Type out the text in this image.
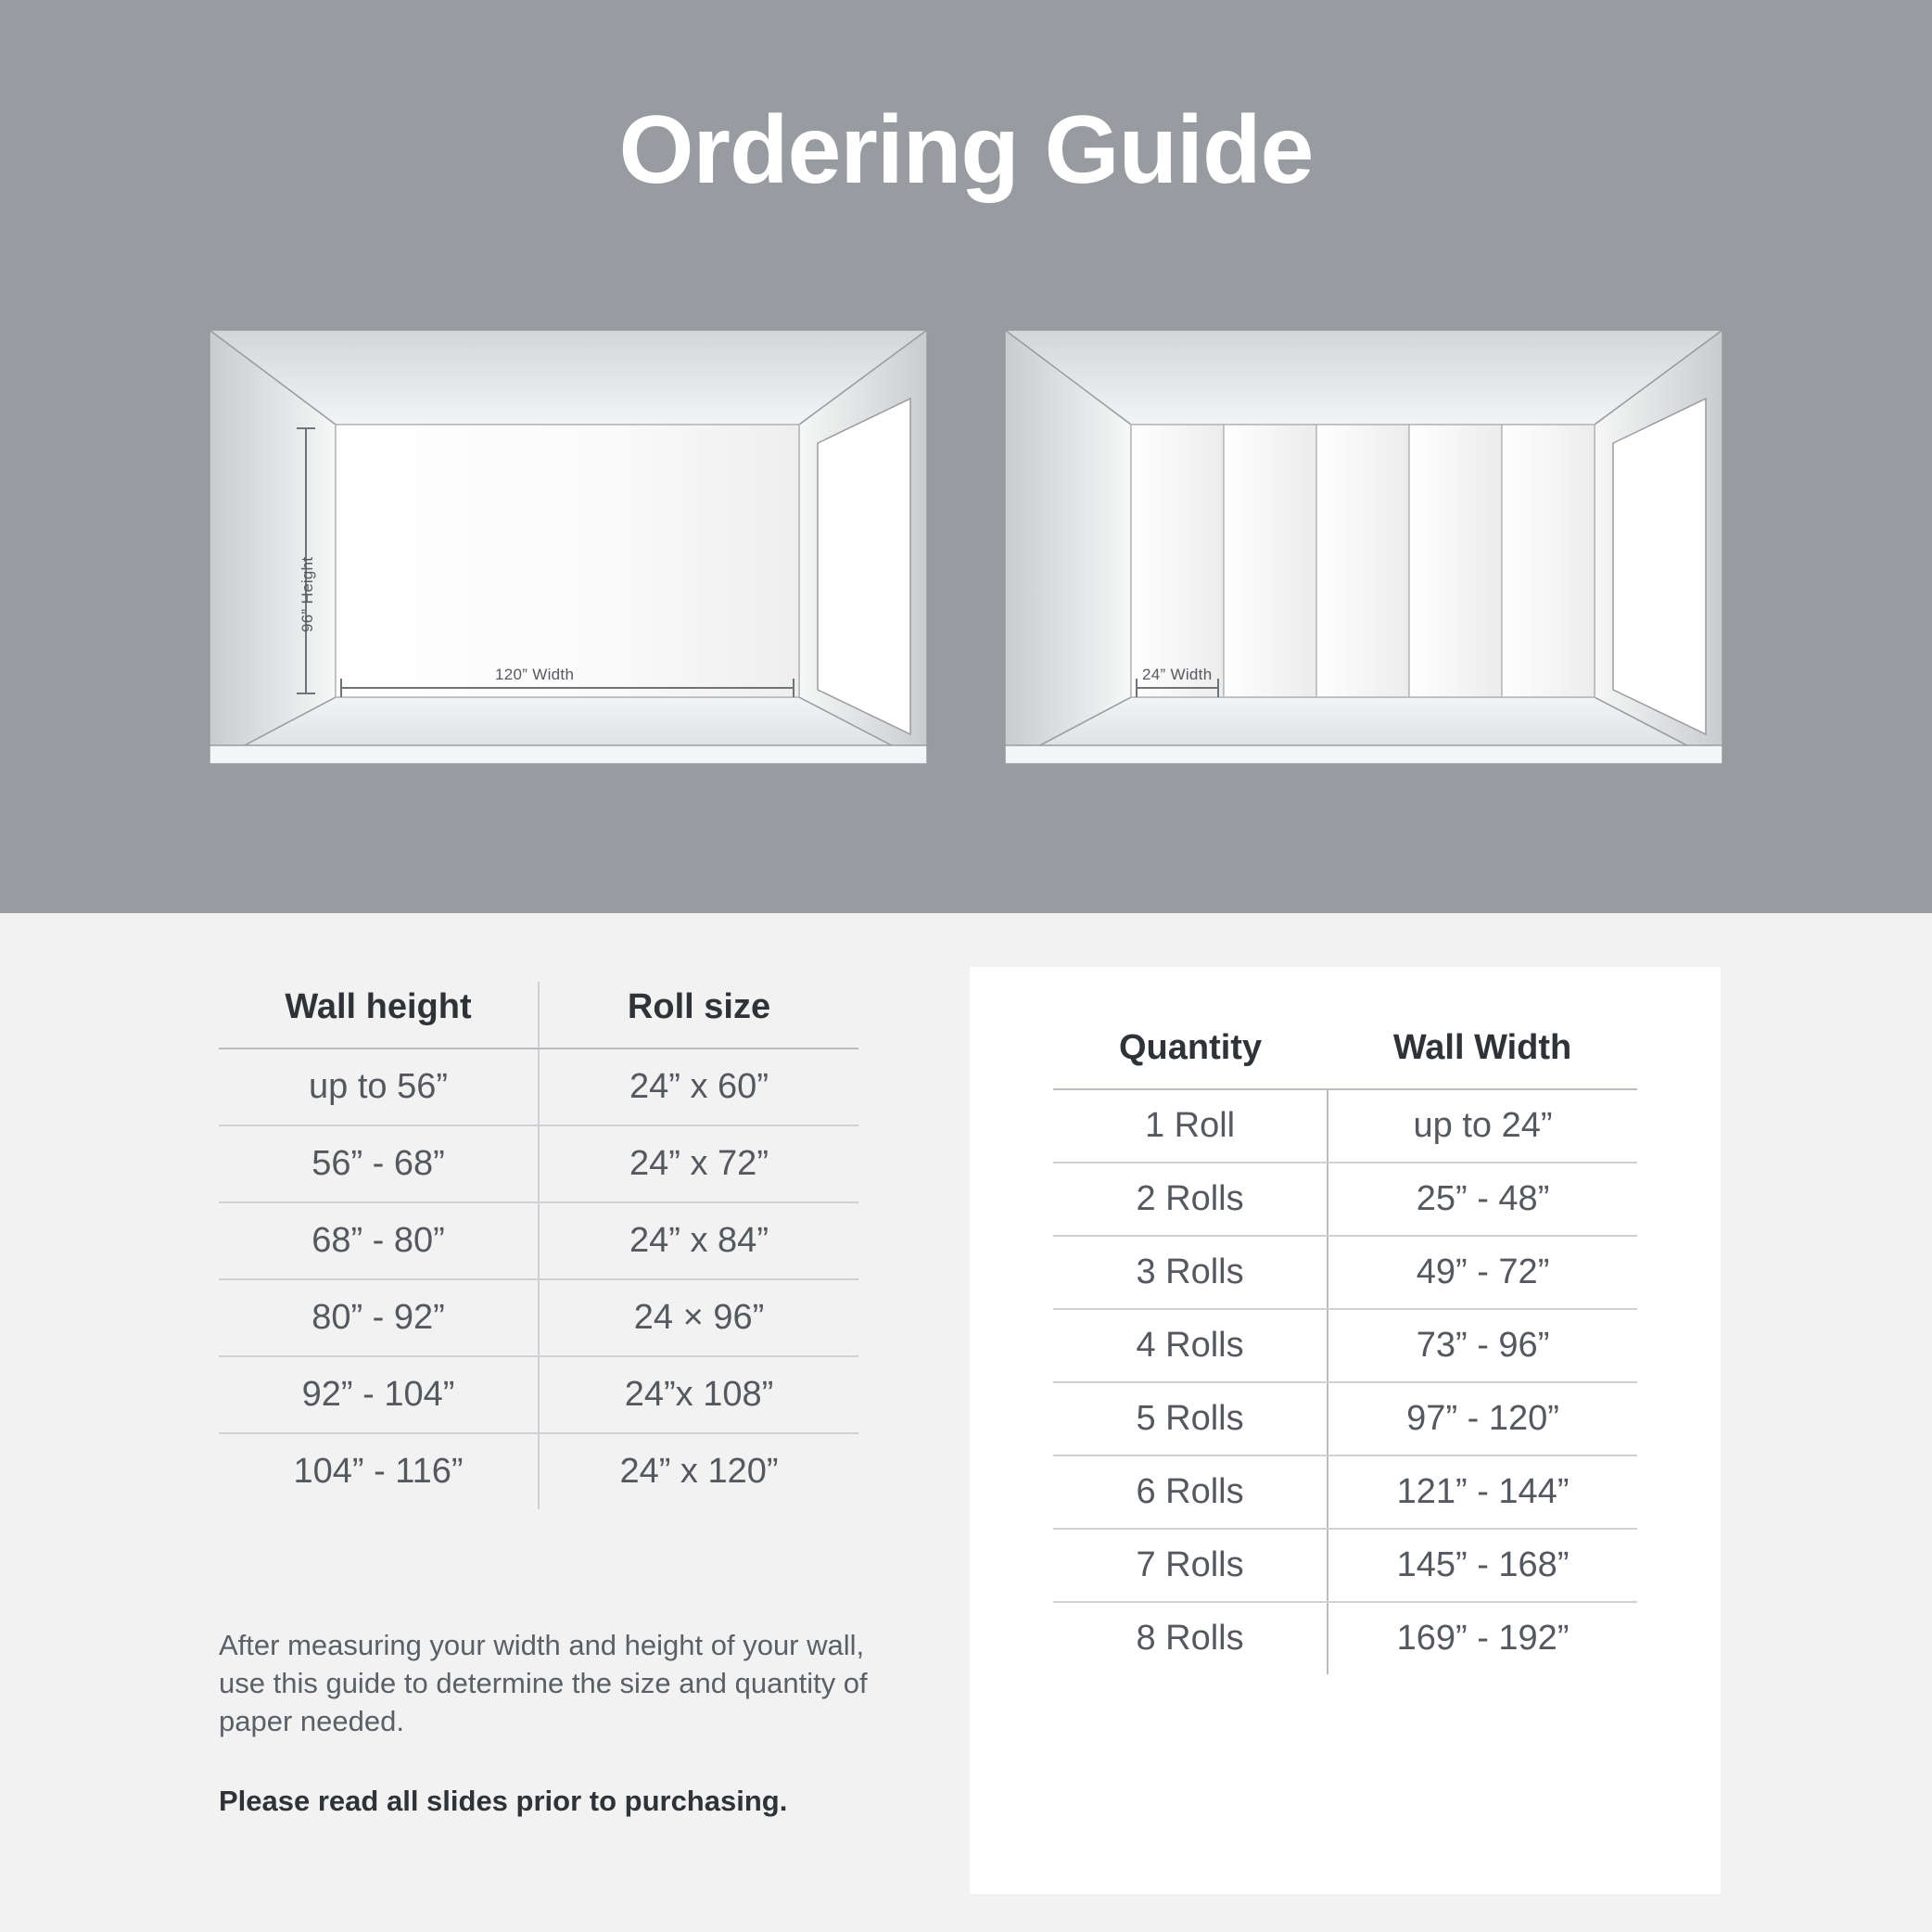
Ordering Guide
96” Height
120” Width	24” Width
Wall height	Roll size
up to 56”	24” x 60”
56” - 68”	24” x 72”
68” - 80”	24” x 84”
80” - 92”	24 × 96”
92” - 104”	24”x 108”
104” - 116”	24” x 120”
After measuring your width and height of your wall, use this guide to determine the size and quantity of paper needed.
Please read all slides prior to purchasing.
Quantity	Wall Width
1 Roll	up to 24”
2 Rolls	25” - 48”
3 Rolls	49” - 72”
4 Rolls	73” - 96”
5 Rolls	97” - 120”
6 Rolls	121” - 144”
7 Rolls	145” - 168”
8 Rolls	169” - 192”
